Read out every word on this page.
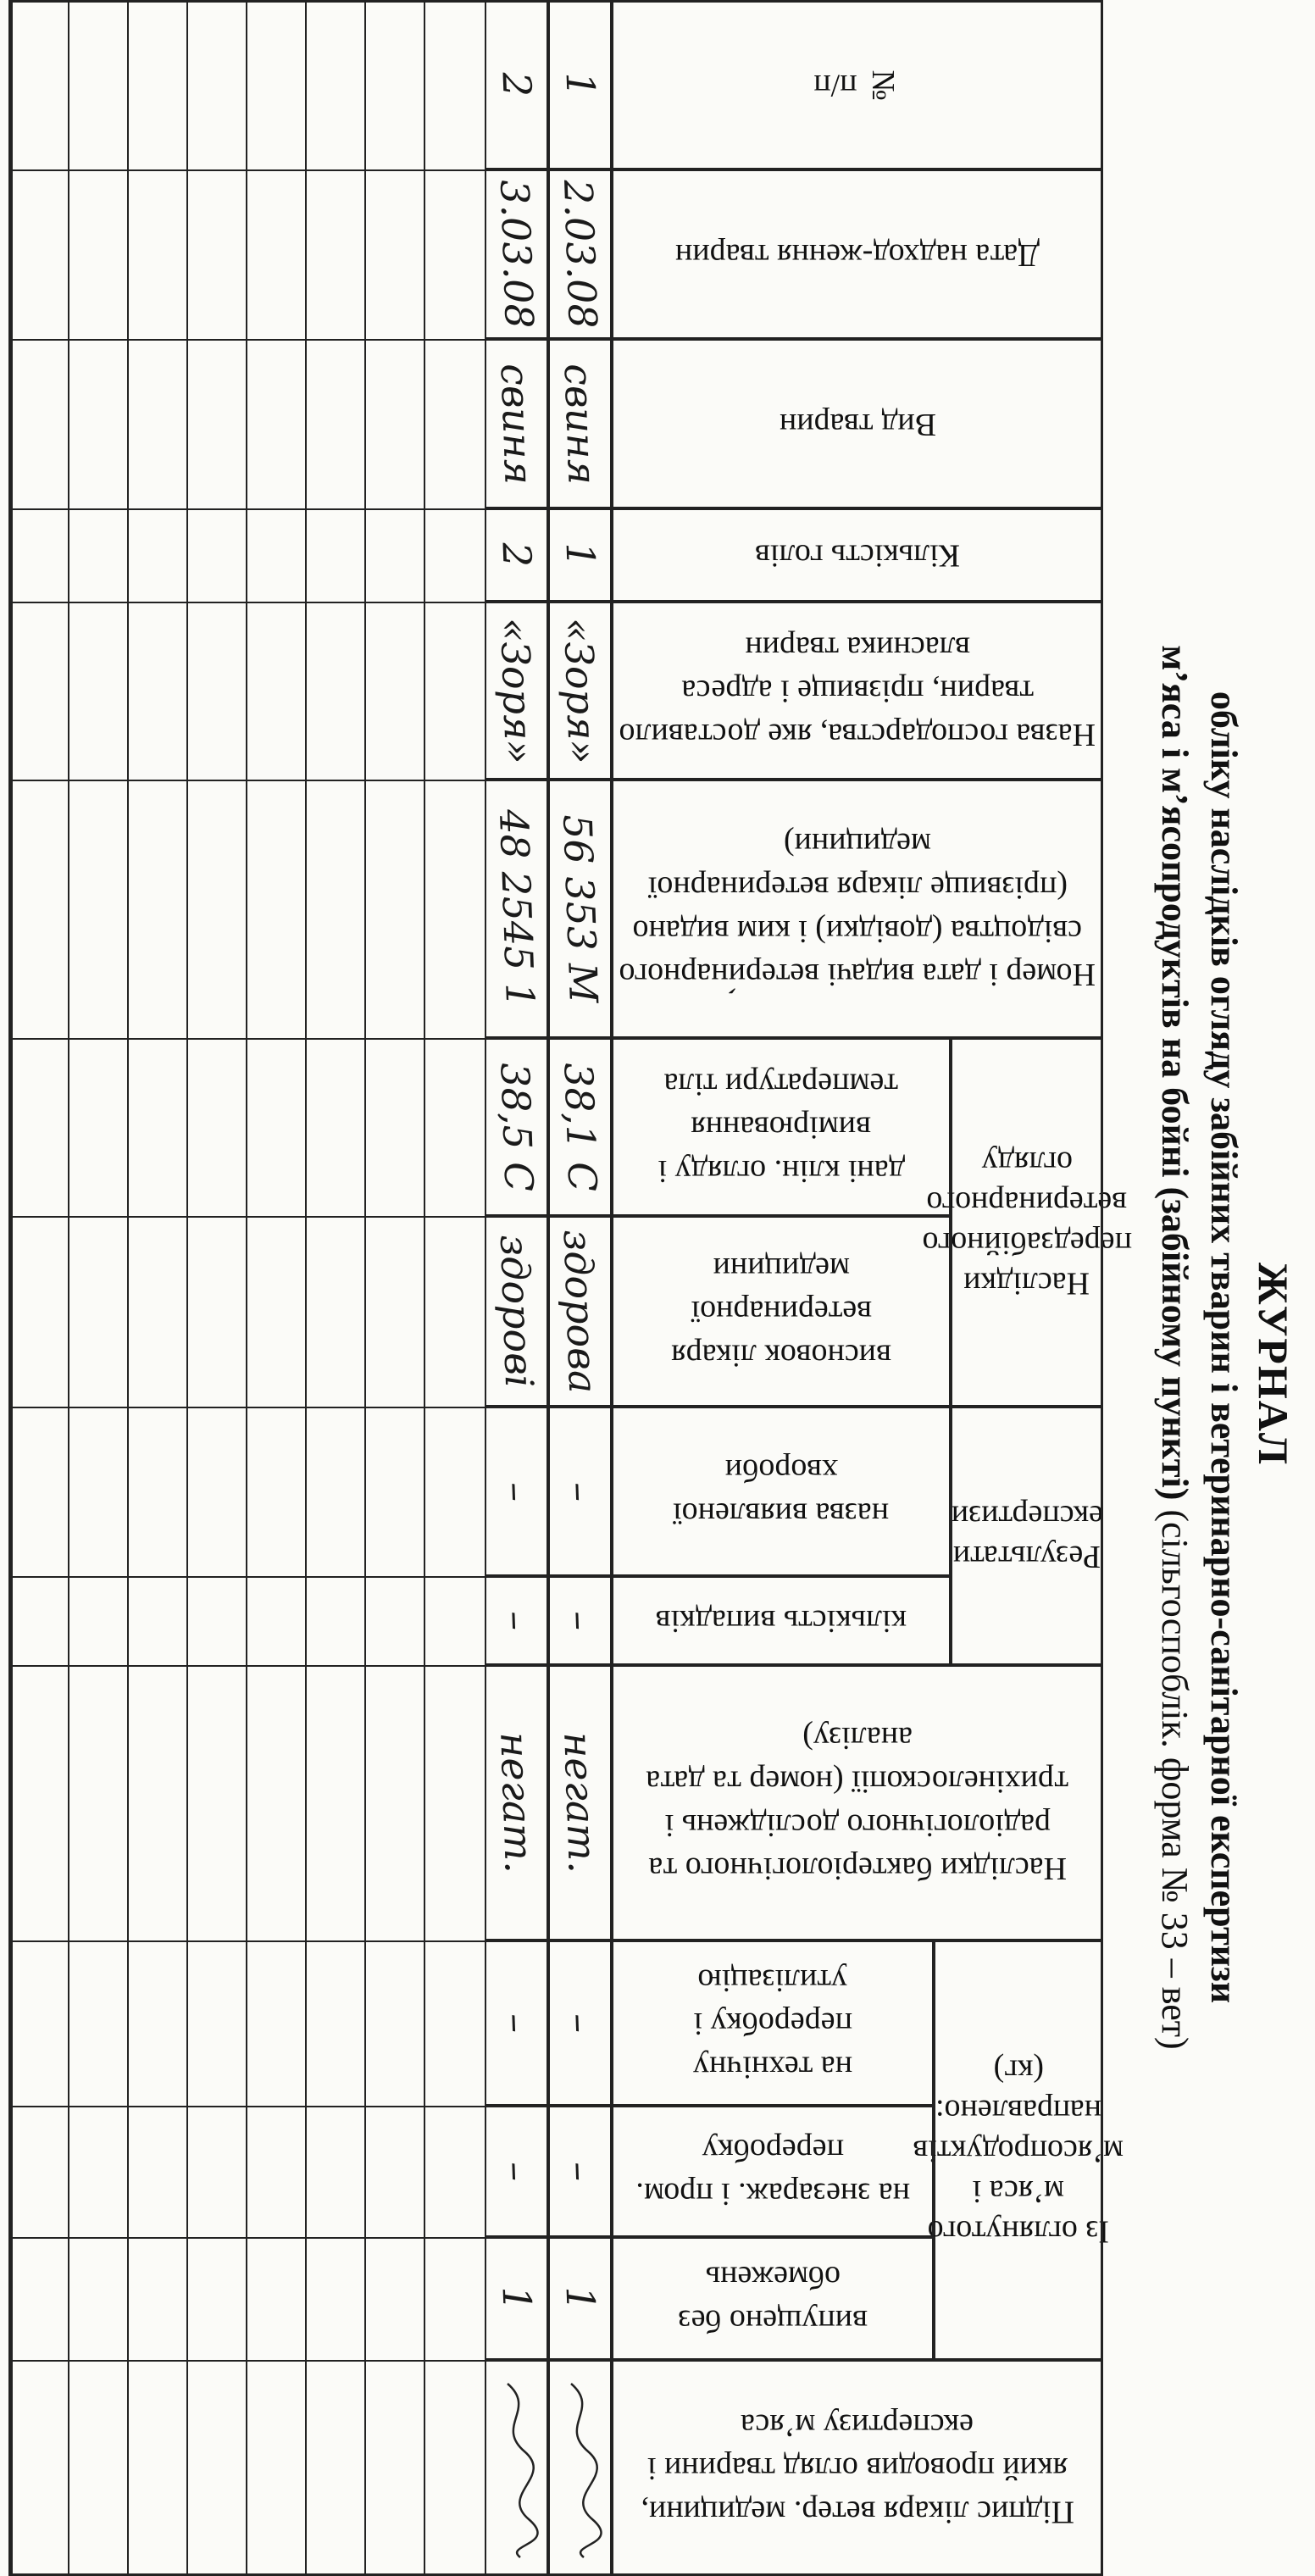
ЖУРНАЛ
обліку наслідків огляду забійних тварин і ветеринарно-санітарної експертизи
м’яса і м’ясопродуктів на бойні (забійному пункті) (сільгоспоблік. форма № 33 – вет)
№ п/п
Дата надход-ження тварин
Вид тварин
Кількість голів
Назва господарства, яке доставило тварин, прізвище і адреса власника тварин
Номер і дата видачі ветери́нарного свідоцтва (довідки) і ким видано (прізвище лікаря ветеринарної медицини)
Наслідки передзабійного ветеринарного огляду
дані клін. огляду і вимірювання температури тіла
висновок лікаря ветеринарної медицини
Результати експертизи
назва виявленої хвороби
кількість випадків
Наслідки бактеріологічного та радіологічного досліджень і трихінелоскопії (номер та дата аналізу)
Із оглянутого м’яса і м’ясопродуктів направлено: (кг)
на технічну переробку і утилізацію
на знезараж. і пром. переробку
випущено без обмежень
Підпис лікаря ветер. медицини, який проводив огляд тварини і експертизу м’яса
1
2.03.08
свиня
1
«Зоря»
56 353 М
38,1 С
здорова
–
–
негат.
–
–
1
2
3.03.08
свиня
2
«Зоря»
48 2545 1
38,5 С
здорові
–
–
негат.
–
–
1
